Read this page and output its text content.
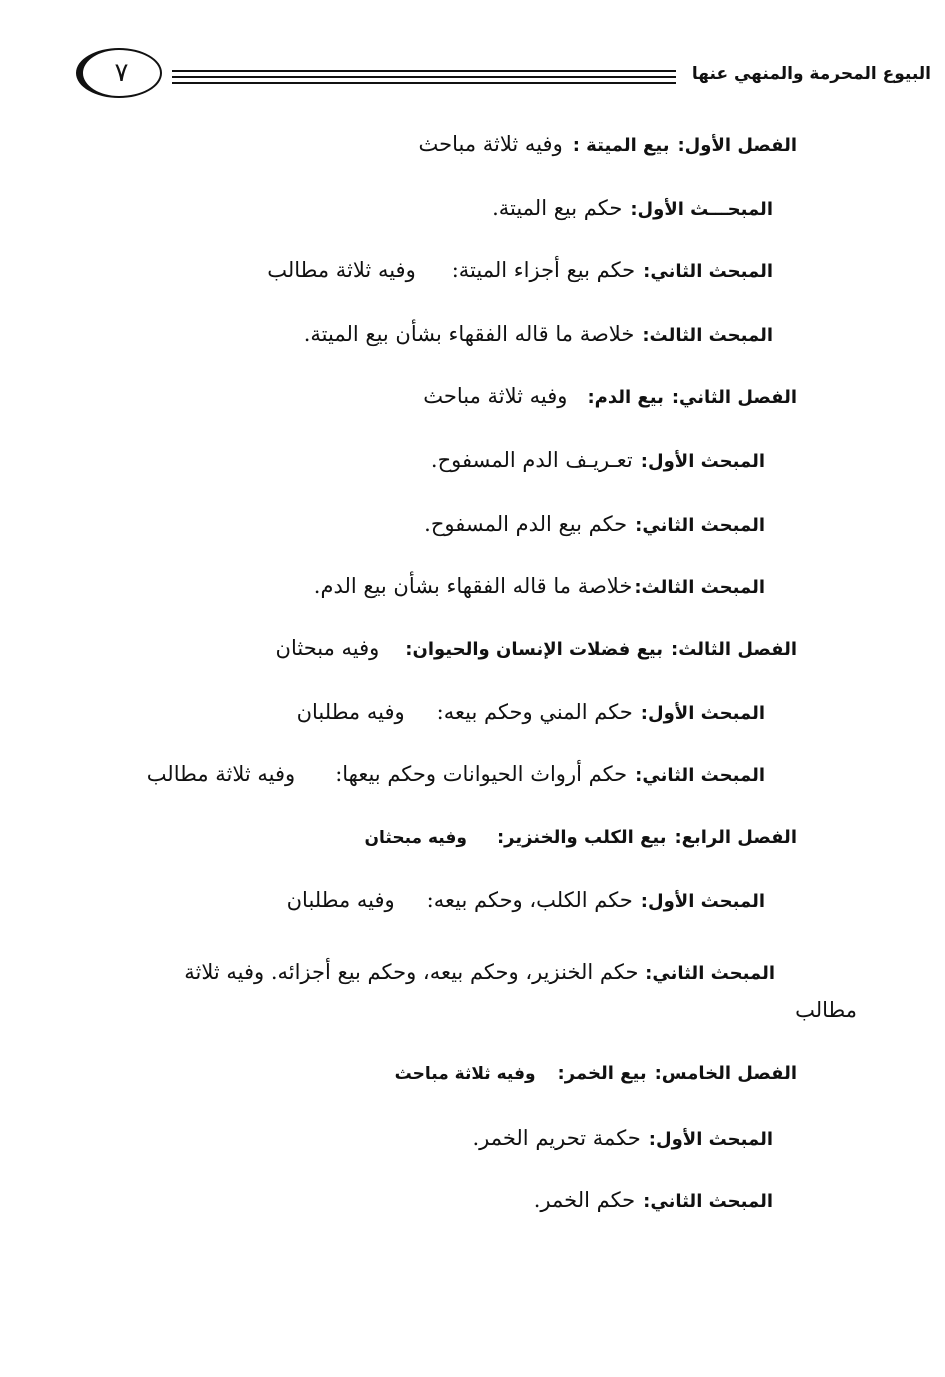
٧	البيوع المحرمة والمنهي عنها
الفصل الأول:
بيع الميتة :
وفيه ثلاثة مباحث
المبحـــث الأول:
حكم بيع الميتة.
المبحث الثاني:
حكم بيع أجزاء الميتة:
وفيه ثلاثة مطالب
المبحث الثالث:
خلاصة ما قاله الفقهاء بشأن بيع الميتة.
الفصل الثاني:
بيع الدم:
وفيه ثلاثة مباحث
المبحث الأول:
تعـريـف الدم المسفوح.
المبحث الثاني:
حكم بيع الدم المسفوح.
المبحث الثالث:
خلاصة ما قاله الفقهاء بشأن بيع الدم.
الفصل الثالث:
بيع فضلات الإنسان والحيوان:
وفيه مبحثان
المبحث الأول:
حكم المني وحكم بيعه:
وفيه مطلبان
المبحث الثاني:
حكم أرواث الحيوانات وحكم بيعها:
وفيه ثلاثة مطالب
الفصل الرابع:
بيع الكلب والخنزير:
وفيه مبحثان
المبحث الأول:
حكم الكلب، وحكم بيعه:
وفيه مطلبان
المبحث الثاني: حكم الخنزير، وحكم بيعه، وحكم بيع أجزائه. وفيه ثلاثة
مطالب
الفصل الخامس:
بيع الخمر:
وفيه ثلاثة مباحث
المبحث الأول:
حكمة تحريم الخمر.
المبحث الثاني:
حكم الخمر.
